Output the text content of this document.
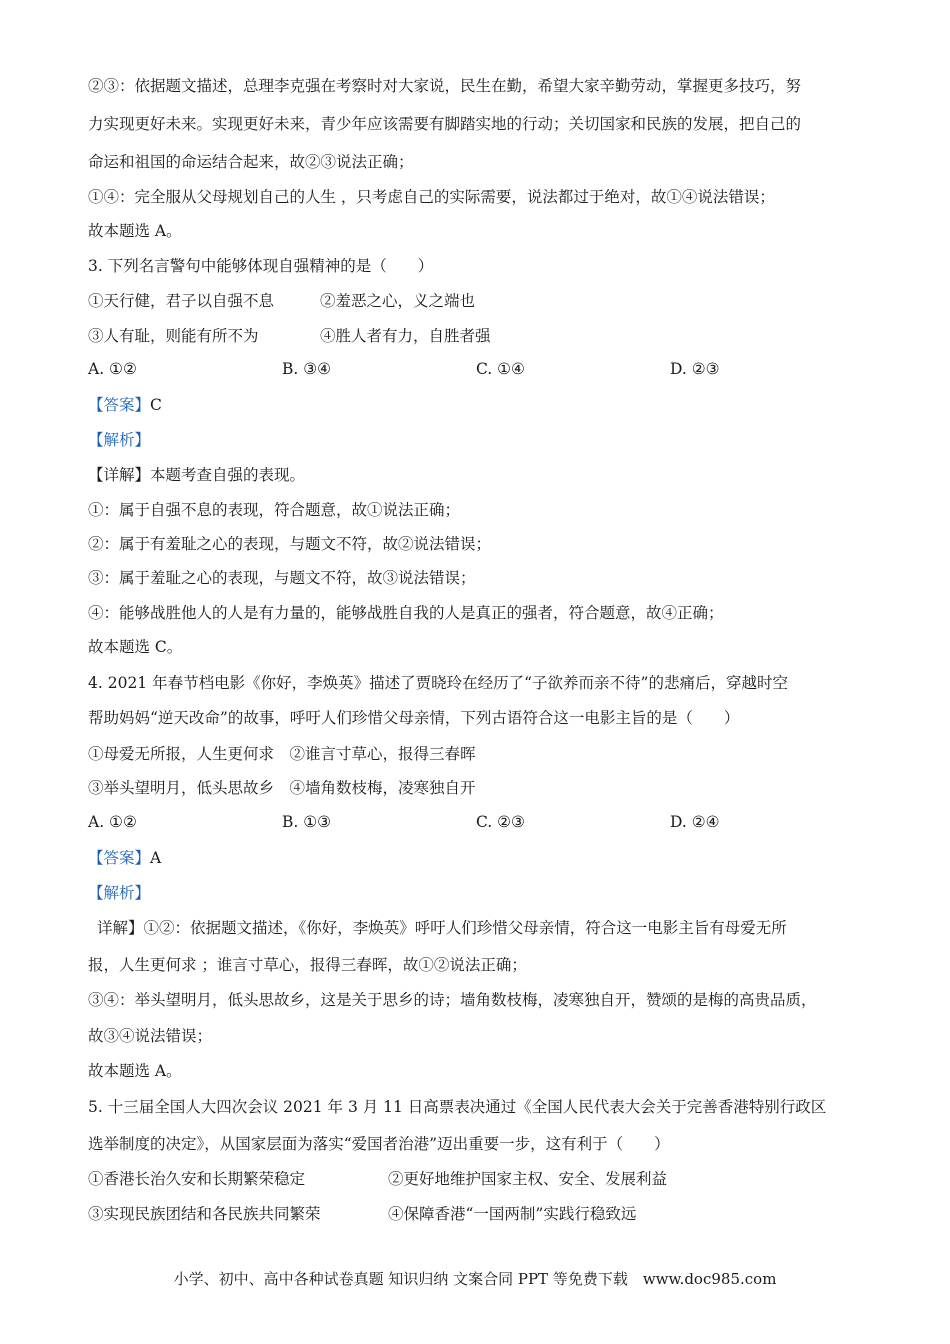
②③：依据题文描述，总理李克强在考察时对大家说，民生在勤，希望大家辛勤劳动，掌握更多技巧，努
力实现更好未来。实现更好未来，青少年应该需要有脚踏实地的行动；关切国家和民族的发展，把自己的
命运和祖国的命运结合起来，故②③说法正确；
①④：完全服从父母规划自己的人生 ，只考虑自己的实际需要，说法都过于绝对，故①④说法错误；
故本题选 A。
3. 下列名言警句中能够体现自强精神的是（　　）
①天行健，君子以自强不息	②羞恶之心，义之端也
③人有耻，则能有所不为	④胜人者有力，自胜者强
A. ①②	B. ③④	C. ①④	D. ②③
【答案】C
【解析】
【详解】本题考查自强的表现。
①：属于自强不息的表现，符合题意，故①说法正确；
②：属于有羞耻之心的表现，与题文不符，故②说法错误；
③：属于羞耻之心的表现，与题文不符，故③说法错误；
④：能够战胜他人的人是有力量的，能够战胜自我的人是真正的强者，符合题意，故④正确；
故本题选 C。
4. 2021 年春节档电影《你好，李焕英》描述了贾晓玲在经历了“子欲养而亲不待”的悲痛后，穿越时空
帮助妈妈“逆天改命”的故事，呼吁人们珍惜父母亲情，下列古语符合这一电影主旨的是（　　）
①母爱无所报，人生更何求　②谁言寸草心，报得三春晖
③举头望明月，低头思故乡　④墙角数枝梅，凌寒独自开
A. ①②	B. ①③	C. ②③	D. ②④
【答案】A
【解析】
详解】①②：依据题文描述，《你好，李焕英》呼吁人们珍惜父母亲情，符合这一电影主旨有母爱无所
报，人生更何求 ；谁言寸草心，报得三春晖，故①②说法正确；
③④：举头望明月，低头思故乡，这是关于思乡的诗；墙角数枝梅，凌寒独自开，赞颂的是梅的高贵品质，
故③④说法错误；
故本题选 A。
5. 十三届全国人大四次会议 2021 年 3 月 11 日高票表决通过《全国人民代表大会关于完善香港特别行政区
选举制度的决定》，从国家层面为落实“爱国者治港”迈出重要一步，这有利于（　　）
①香港长治久安和长期繁荣稳定	②更好地维护国家主权、安全、发展利益
③实现民族团结和各民族共同繁荣	④保障香港“一国两制”实践行稳致远
小学、初中、高中各种试卷真题 知识归纳 文案合同 PPT 等免费下载　www.doc985.com
